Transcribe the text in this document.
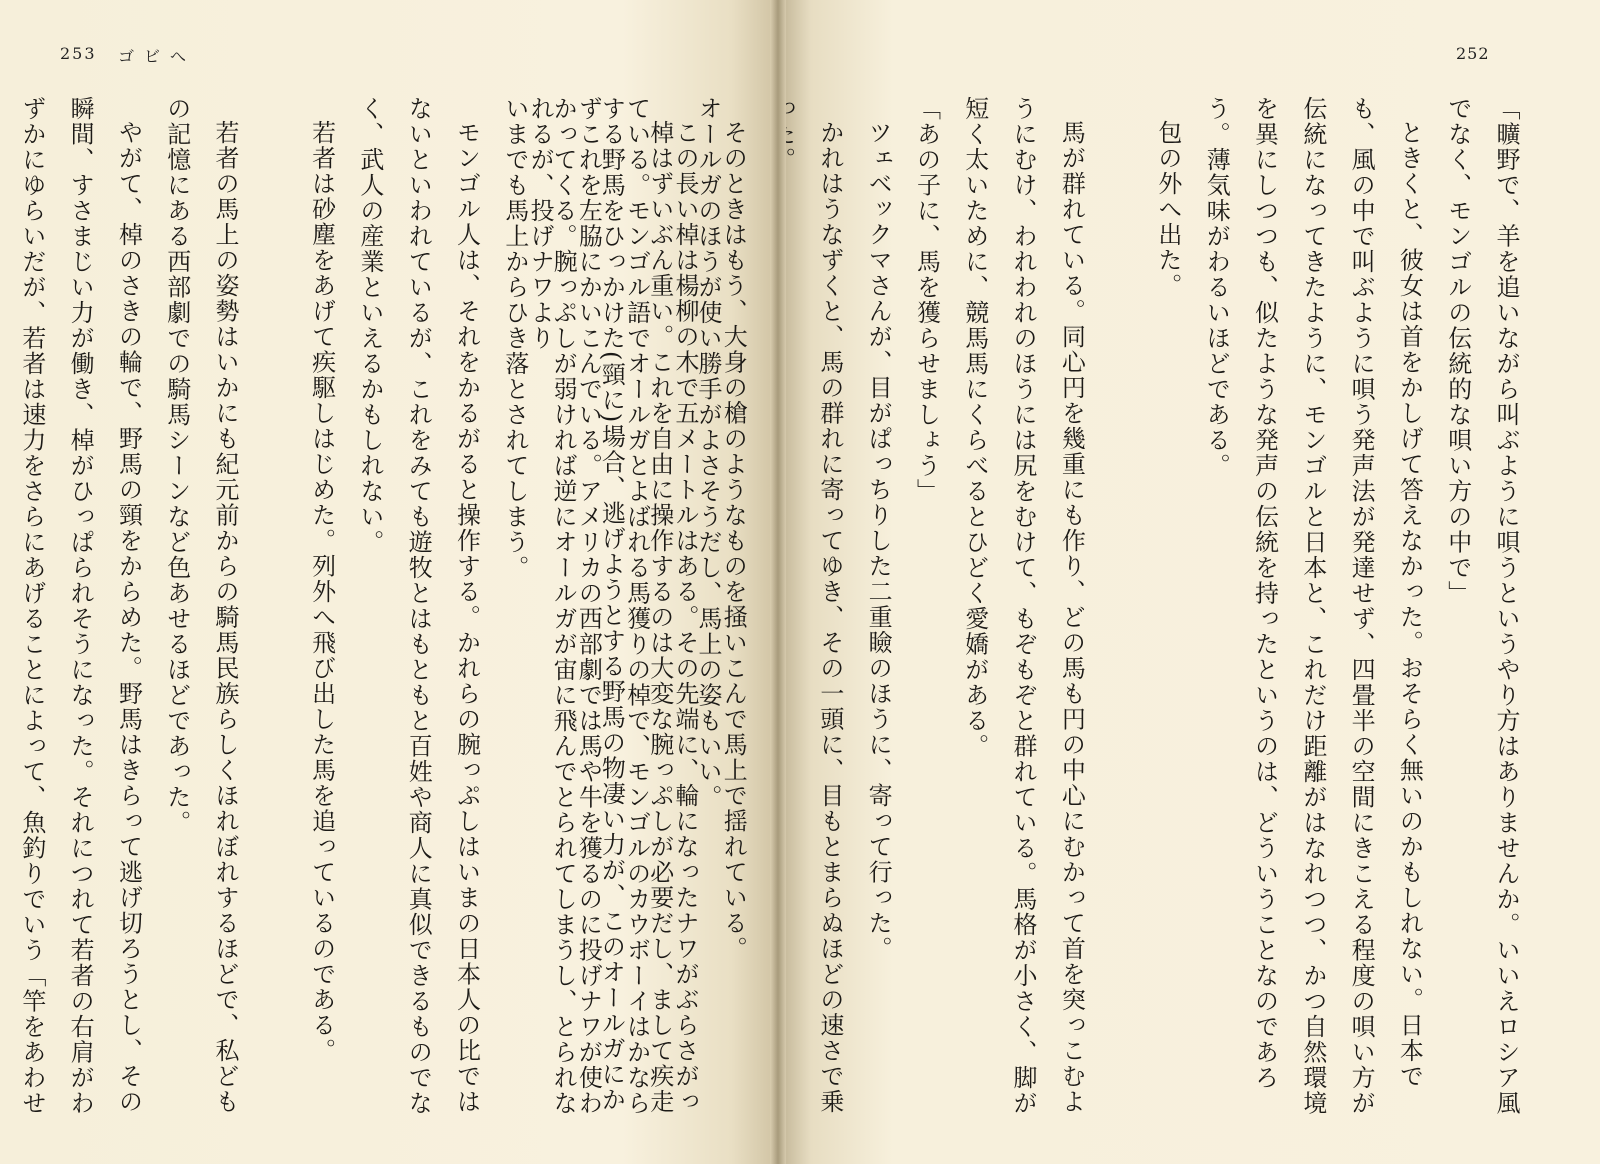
253 ゴビへ

オールガのほうが使い勝手がよさそうだし、馬上の姿もいい。

棹はずいぶん重い。これを自由に操作するのは大変な腕っぷしが必要だし、まして疾走する野馬をひっかけた(頸に)場合、逃げようとする野馬の物凄い力が、このオールガにかかってくる。腕っぷしが弱ければ逆にオールガが宙に飛んでとられてしまうし、とられないまでも馬上からひき落とされてしまう。

モンゴル人は、それをかるがると操作する。かれらの腕っぷしはいまの日本人の比ではないといわれているが、これをみても遊牧とはもともと百姓や商人に真似できるものでなく、武人の産業といえるかもしれない。

若者は砂塵をあげて疾駆しはじめた。列外へ飛び出した馬を追っているのである。

若者の馬上の姿勢はいかにも紀元前からの騎馬民族らしくほれぼれするほどで、私どもの記憶にある西部劇での騎馬シーンなど色あせるほどであった。

やがて、棹のさきの輪で、野馬の頸をからめた。野馬はきらって逃げ切ろうとし、その瞬間、すさまじい力が働き、棹がひっぱられそうになった。それにつれて若者の右肩がわずかにゆらいだが、若者は速力をさらにあげることによって、魚釣りでいう「竿をあわせ

252

「曠野で、羊を追いながら叫ぶように唄うというやり方はありませんか。いいえロシア風でなく、モンゴルの伝統的な唄い方の中で」

ときくと、彼女は首をかしげて答えなかった。おそらく無いのかもしれない。日本でも、風の中で叫ぶように唄う発声法が発達せず、四畳半の空間にきこえる程度の唄い方が伝統になってきたように、モンゴルと日本と、これだけ距離がはなれつつ、かつ自然環境を異にしつつも、似たような発声の伝統を持ったというのは、どういうことなのであろう。薄気味がわるいほどである。

包の外へ出た。

馬が群れている。同心円を幾重にも作り、どの馬も円の中心にむかって首を突っこむようにむけ、われわれのほうには尻をむけて、もぞもぞと群れている。馬格が小さく、脚が短く太いために、競馬馬にくらべるとひどく愛嬌がある。

「あの子に、馬を獲らせましょう」

ツェベックマさんが、目がぱっちりした二重瞼のほうに、寄って行った。

かれはうなずくと、馬の群れに寄ってゆき、その一頭に、目もとまらぬほどの速さで乗

そのときはもう、大身の槍のようなものを掻いこんで馬上で揺れている。

この長い棹は楊柳の木で五メートルはある。その先端に、輪になったナワがぶらさがっている。モンゴル語でオールガとよばれる馬獲りの棹で、モンゴルのカウボーイはかならずこれを左脇にかいこんでいる。アメリカの西部劇では馬や牛を獲るのに投げナワが使われるが、投げナワより
